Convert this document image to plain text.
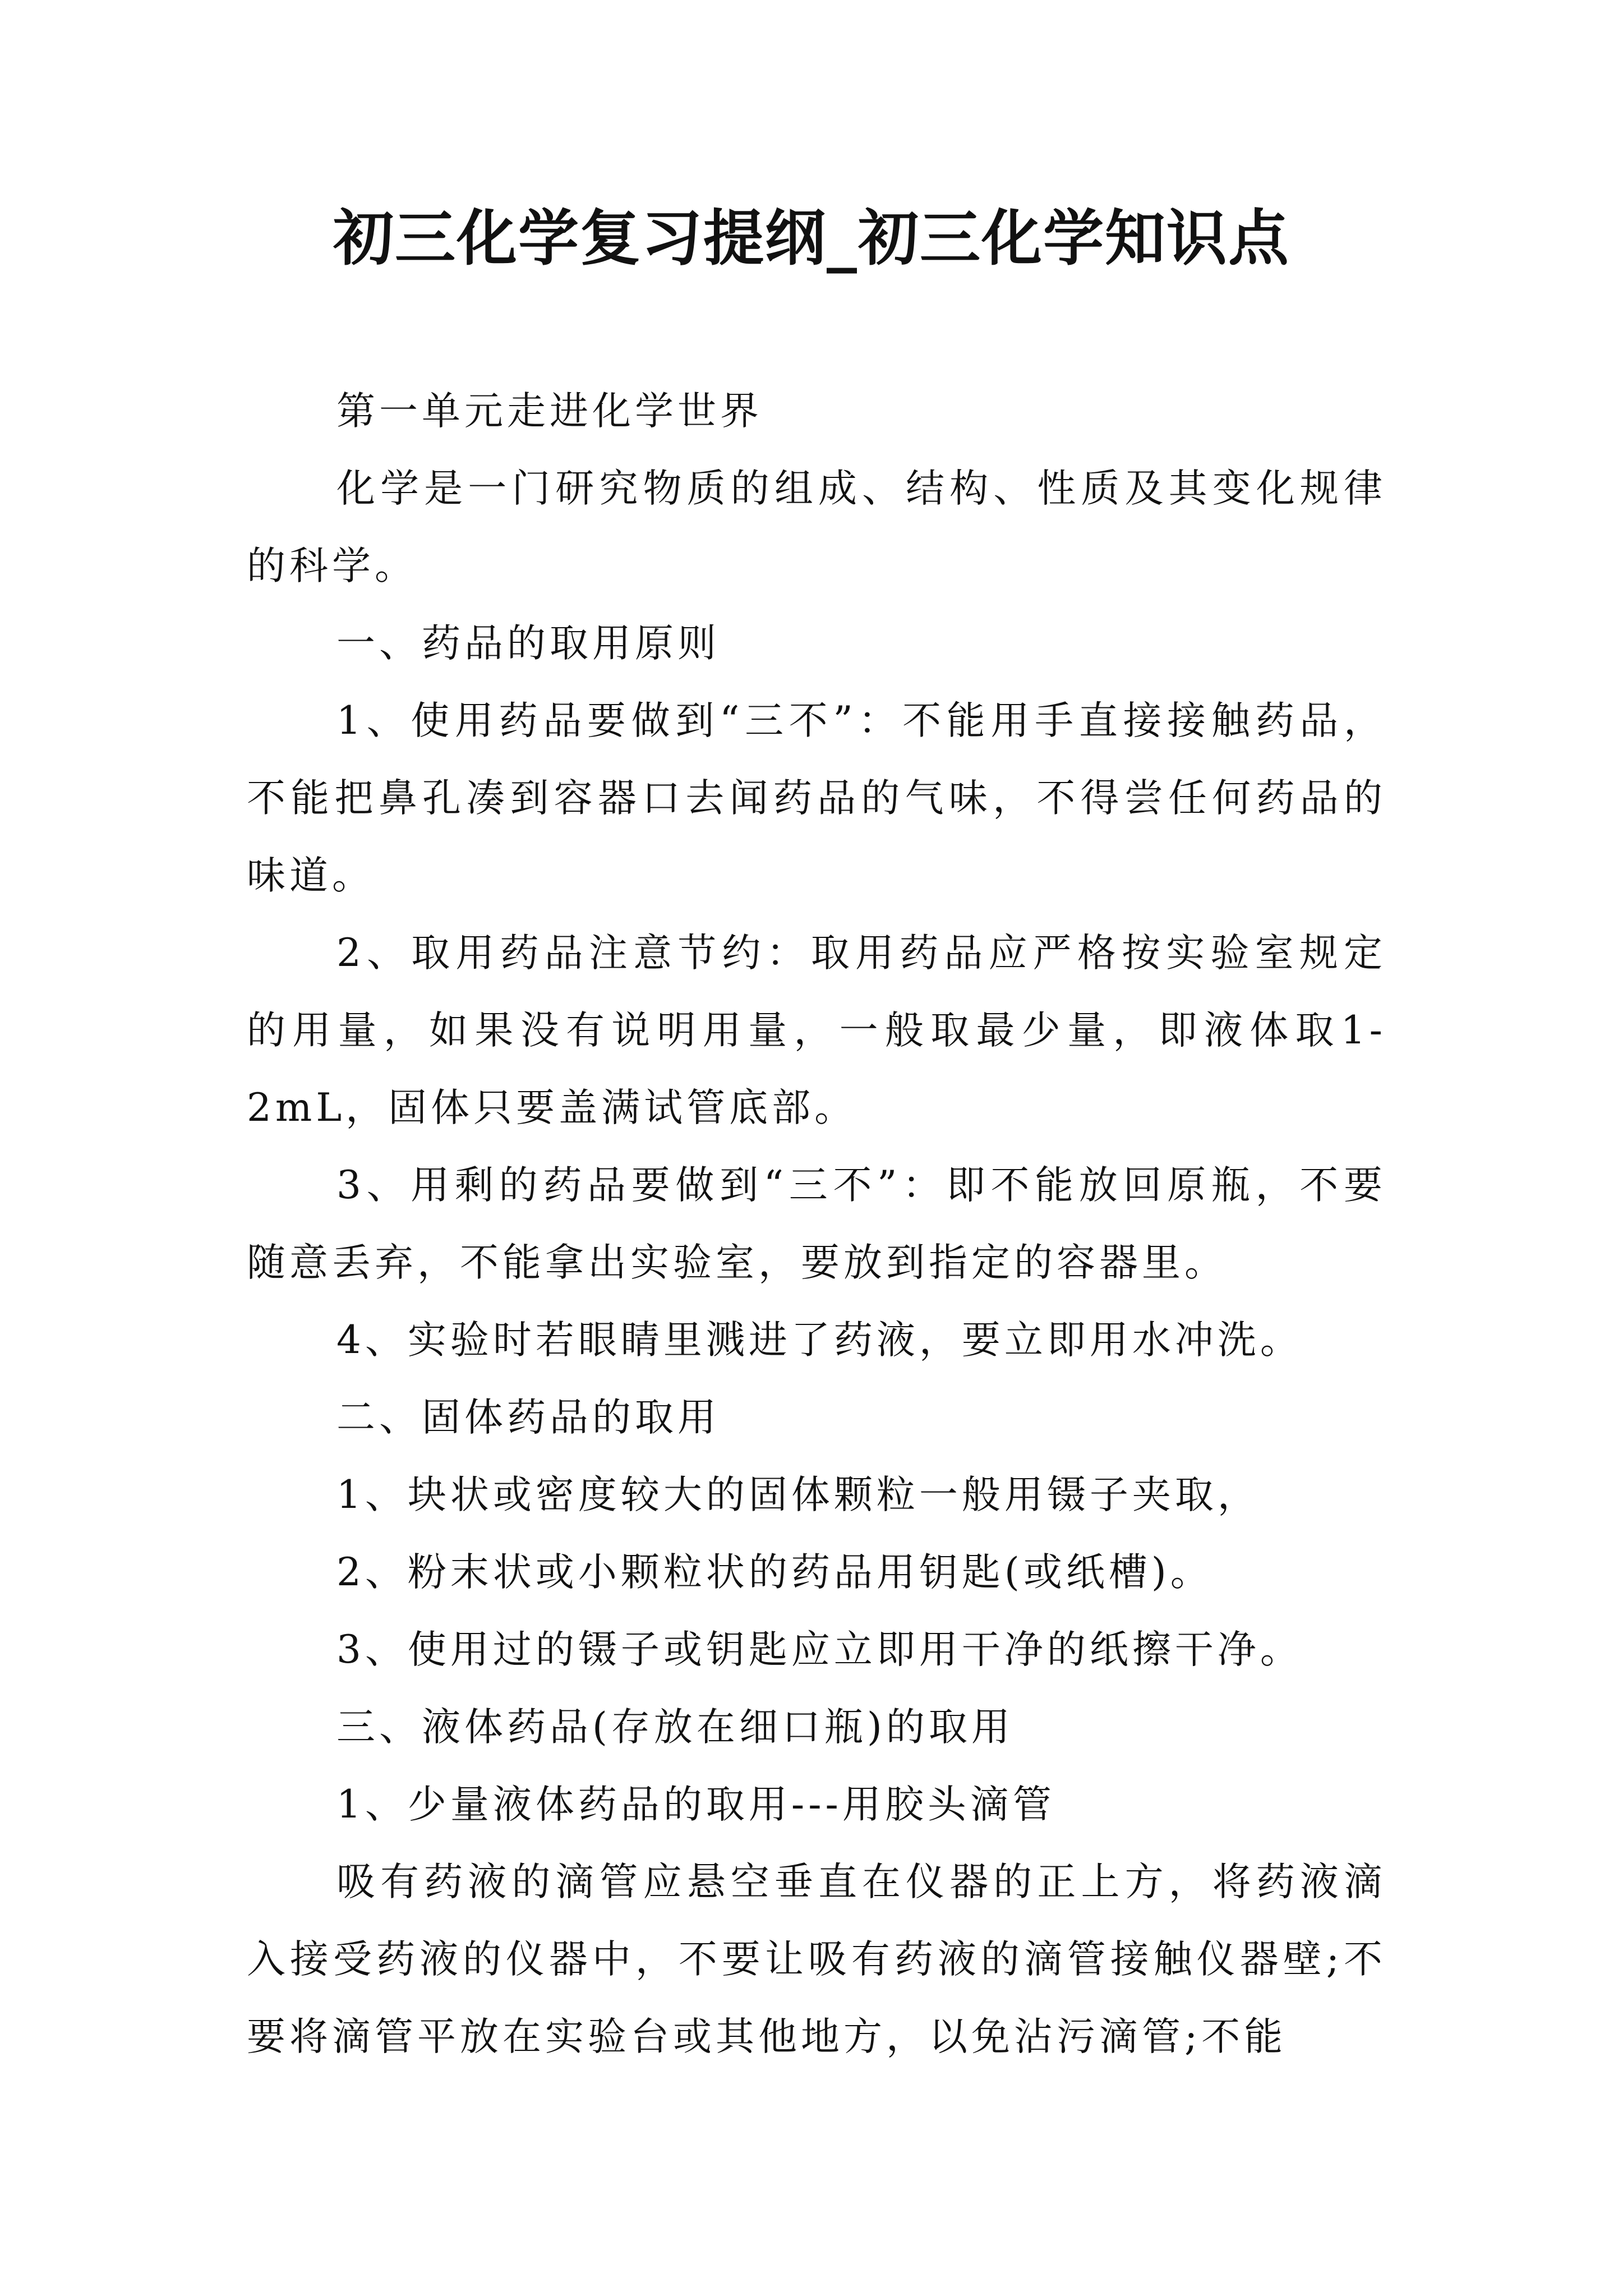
初三化学复习提纲_初三化学知识点

第一单元走进化学世界

化学是一门研究物质的组成、结构、性质及其变化规律的科学。

一、药品的取用原则

1、使用药品要做到“三不”：不能用手直接接触药品，不能把鼻孔凑到容器口去闻药品的气味，不得尝任何药品的味道。

2、取用药品注意节约：取用药品应严格按实验室规定的用量，如果没有说明用量，一般取最少量，即液体取1-2mL，固体只要盖满试管底部。

3、用剩的药品要做到“三不”：即不能放回原瓶，不要随意丢弃，不能拿出实验室，要放到指定的容器里。

4、实验时若眼睛里溅进了药液，要立即用水冲洗。

二、固体药品的取用

1、块状或密度较大的固体颗粒一般用镊子夹取，

2、粉末状或小颗粒状的药品用钥匙(或纸槽)。

3、使用过的镊子或钥匙应立即用干净的纸擦干净。

三、液体药品(存放在细口瓶)的取用

1、少量液体药品的取用---用胶头滴管

吸有药液的滴管应悬空垂直在仪器的正上方，将药液滴入接受药液的仪器中，不要让吸有药液的滴管接触仪器壁;不要将滴管平放在实验台或其他地方，以免沾污滴管;不能
